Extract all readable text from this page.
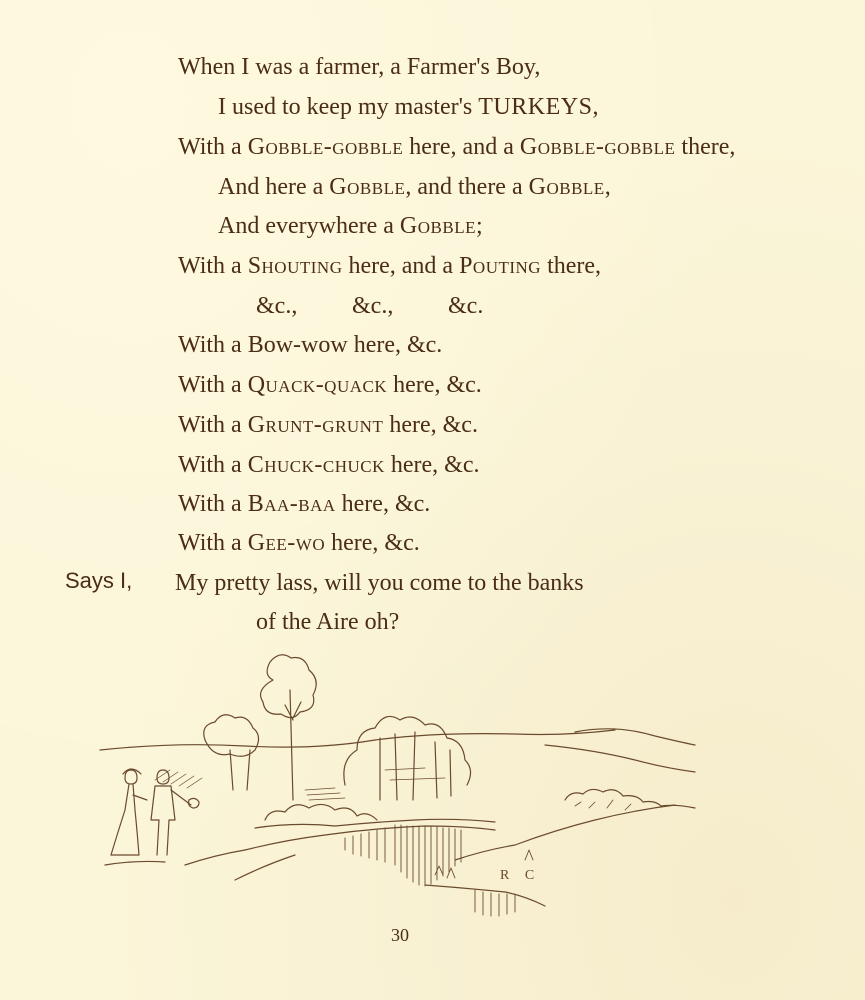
When I was a farmer, a Farmer's Boy,
I used to keep my master's TURKEYS,
With a Gobble-gobble here, and a Gobble-gobble there,
And here a Gobble, and there a Gobble,
And everywhere a Gobble;
With a Shouting here, and a Pouting there,
&c., &c., &c.
With a Bow-wow here, &c.
With a Quack-quack here, &c.
With a Grunt-grunt here, &c.
With a Chuck-chuck here, &c.
With a Baa-baa here, &c.
With a Gee-wo here, &c.
Says I, My pretty lass, will you come to the banks
of the Aire oh?
R C
30
